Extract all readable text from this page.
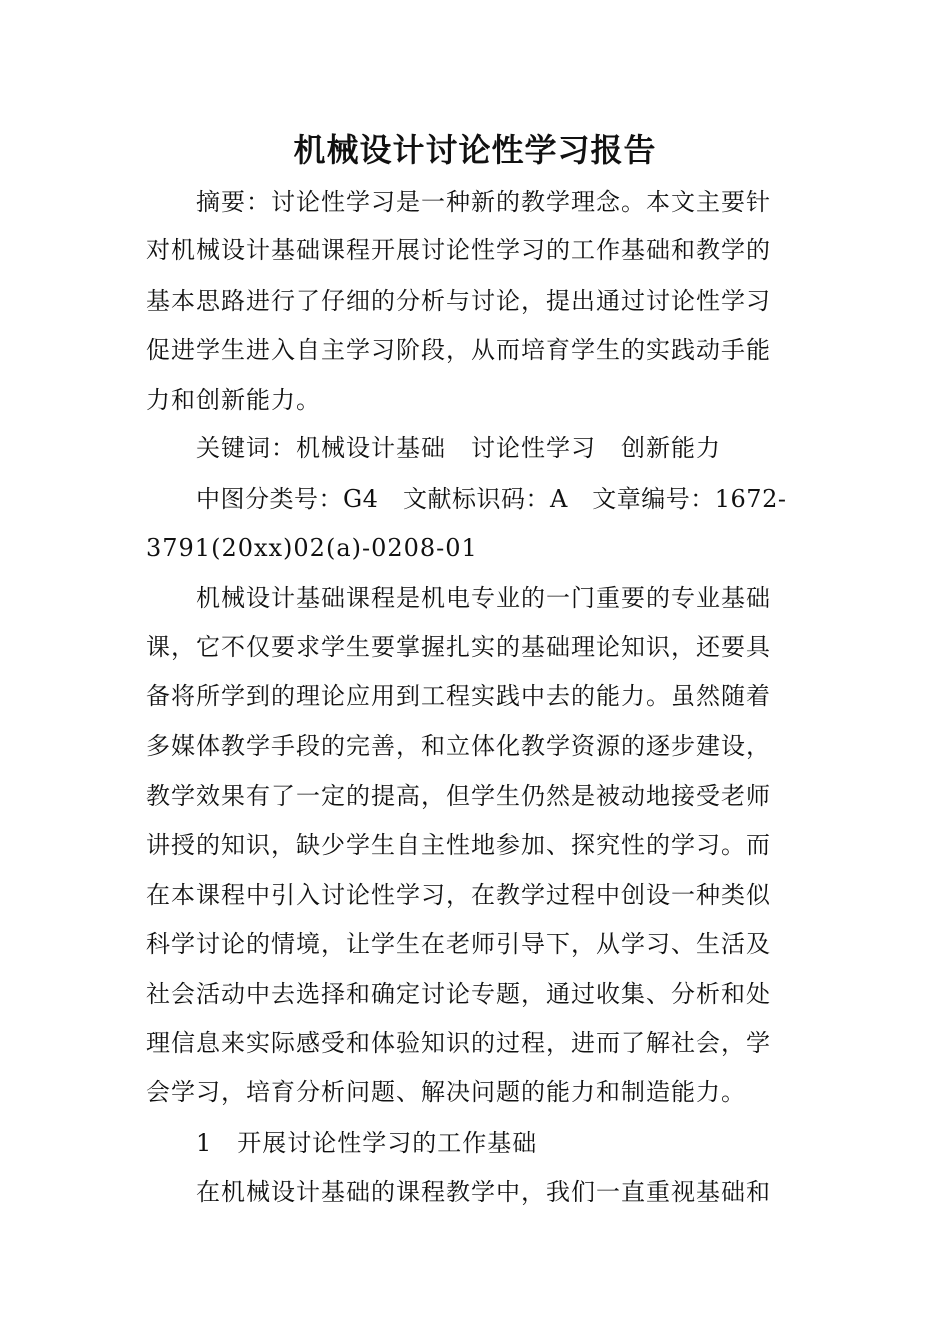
机械设计讨论性学习报告
摘要：讨论性学习是一种新的教学理念。本文主要针
对机械设计基础课程开展讨论性学习的工作基础和教学的
基本思路进行了仔细的分析与讨论，提出通过讨论性学习
促进学生进入自主学习阶段，从而培育学生的实践动手能
力和创新能力。
关键词：机械设计基础　讨论性学习　创新能力
中图分类号：G4　文献标识码：A　文章编号：1672-
3791(20xx)02(a)-0208-01
机械设计基础课程是机电专业的一门重要的专业基础
课，它不仅要求学生要掌握扎实的基础理论知识，还要具
备将所学到的理论应用到工程实践中去的能力。虽然随着
多媒体教学手段的完善，和立体化教学资源的逐步建设，
教学效果有了一定的提高，但学生仍然是被动地接受老师
讲授的知识，缺少学生自主性地参加、探究性的学习。而
在本课程中引入讨论性学习，在教学过程中创设一种类似
科学讨论的情境，让学生在老师引导下，从学习、生活及
社会活动中去选择和确定讨论专题，通过收集、分析和处
理信息来实际感受和体验知识的过程，进而了解社会，学
会学习，培育分析问题、解决问题的能力和制造能力。
1　开展讨论性学习的工作基础
在机械设计基础的课程教学中，我们一直重视基础和
